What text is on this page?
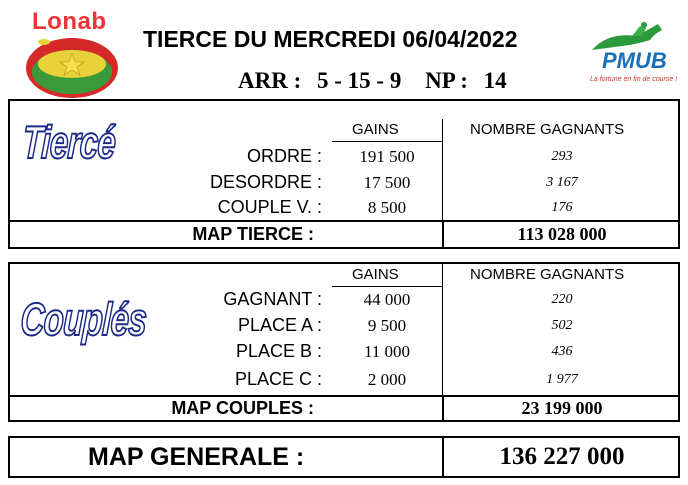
Lonab
TIERCE DU MERCREDI 06/04/2022
ARR : 5 - 15 - 9 NP : 14
PMUB
La fortune en fin de course !
Tiercé	GAINS	NOMBRE GAGNANTS
ORDRE :	191 500	293
DESORDRE :	17 500	3 167
COUPLE V. :	8 500	176
MAP TIERCE :	113 028 000
Couplés
GAINS	NOMBRE GAGNANTS
GAGNANT :	44 000	220
PLACE A :	9 500	502
PLACE B :	11 000	436
PLACE C :	2 000	1 977
MAP COUPLES :	23 199 000
MAP GENERALE :	136 227 000
